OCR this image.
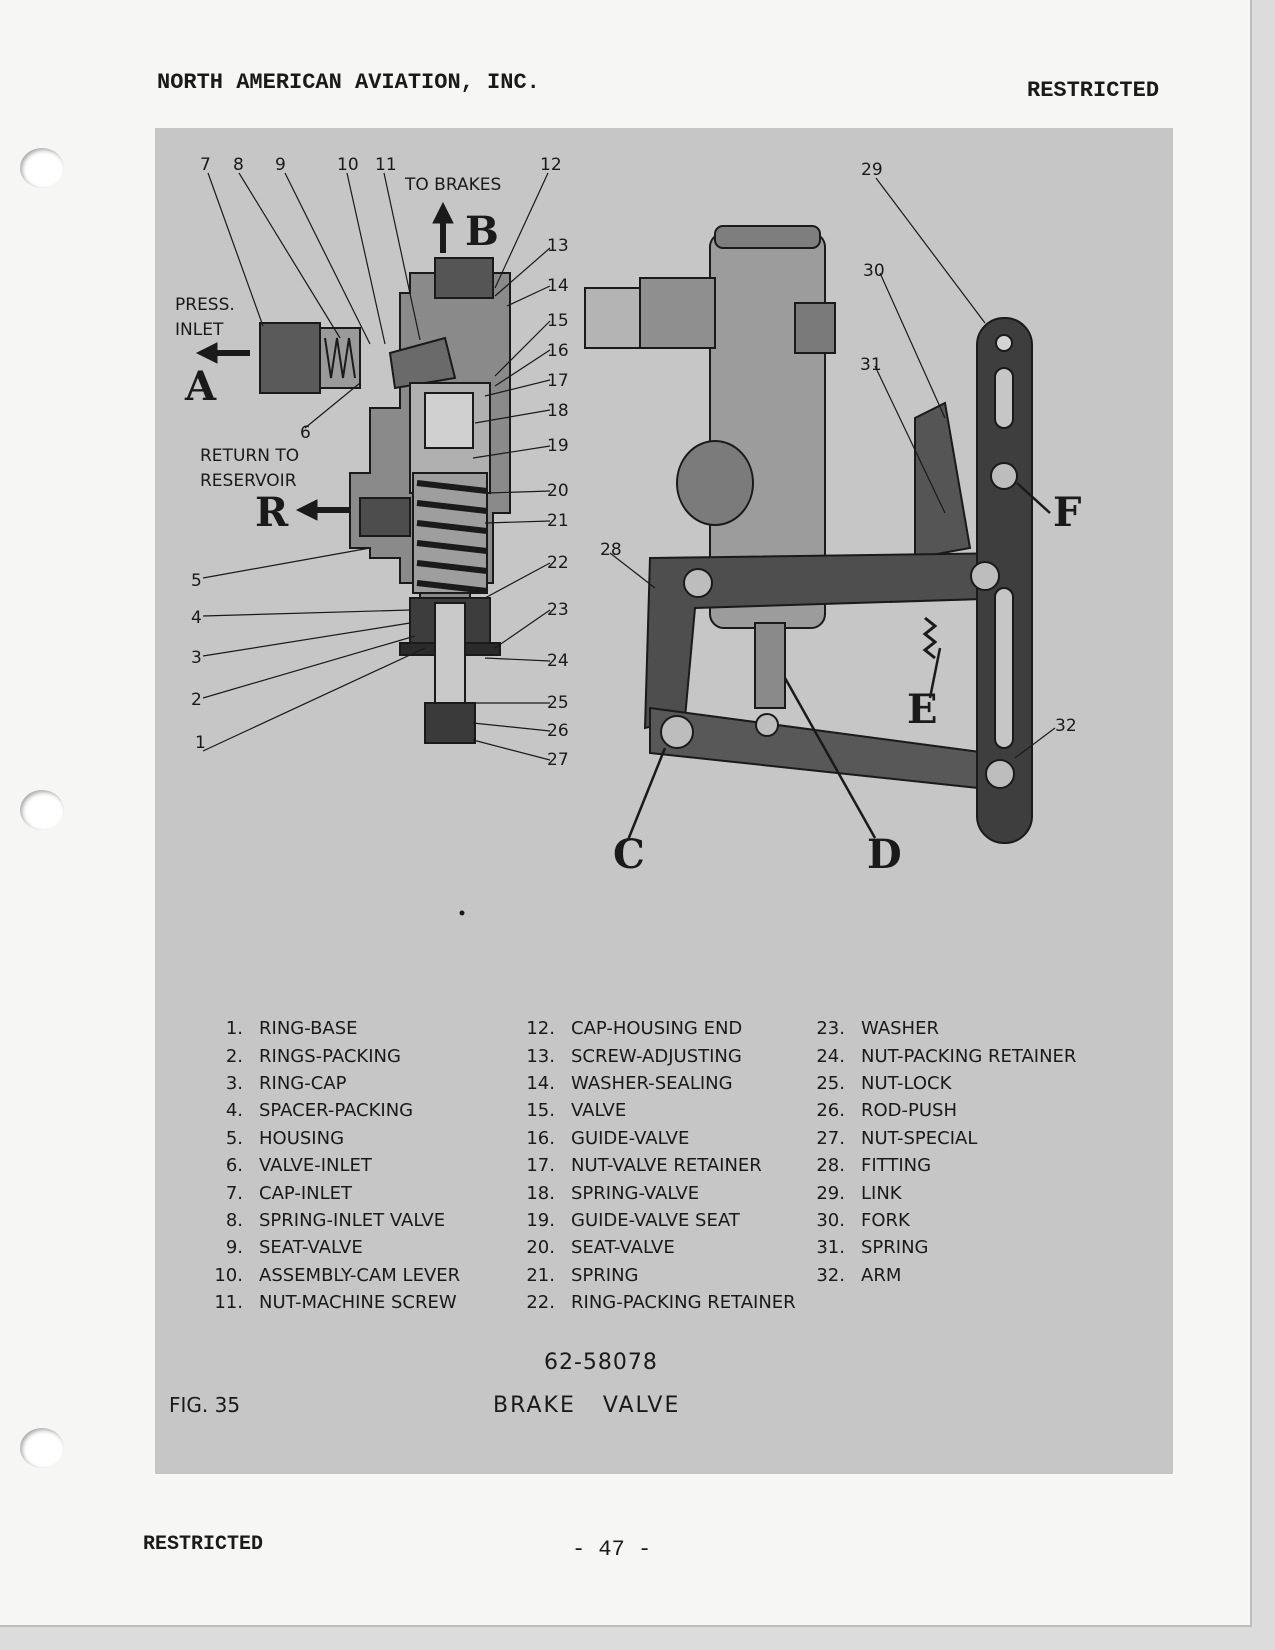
NORTH AMERICAN AVIATION, INC.	RESTRICTED
7 8 9	10 11	12
13
14
15
16
17
18
19
20
21
22
23
24
25
26
27
5
4
3
2
1
6
28
29
30
31
32
TO BRAKES
PRESS.
INLET
RETURN TO
RESERVOIR
B
A
R
C	D
E
F
1. RING-BASE
2. RINGS-PACKING
3. RING-CAP
4. SPACER-PACKING
5. HOUSING
6. VALVE-INLET
7. CAP-INLET
8. SPRING-INLET VALVE
9. SEAT-VALVE
10. ASSEMBLY-CAM LEVER
11. NUT-MACHINE SCREW
12. CAP-HOUSING END
13. SCREW-ADJUSTING
14. WASHER-SEALING
15. VALVE
16. GUIDE-VALVE
17. NUT-VALVE RETAINER
18. SPRING-VALVE
19. GUIDE-VALVE SEAT
20. SEAT-VALVE
21. SPRING
22. RING-PACKING RETAINER
23. WASHER
24. NUT-PACKING RETAINER
25. NUT-LOCK
26. ROD-PUSH
27. NUT-SPECIAL
28. FITTING
29. LINK
30. FORK
31. SPRING
32. ARM
62-58078
FIG. 35	BRAKE VALVE
RESTRICTED	- 47 -
